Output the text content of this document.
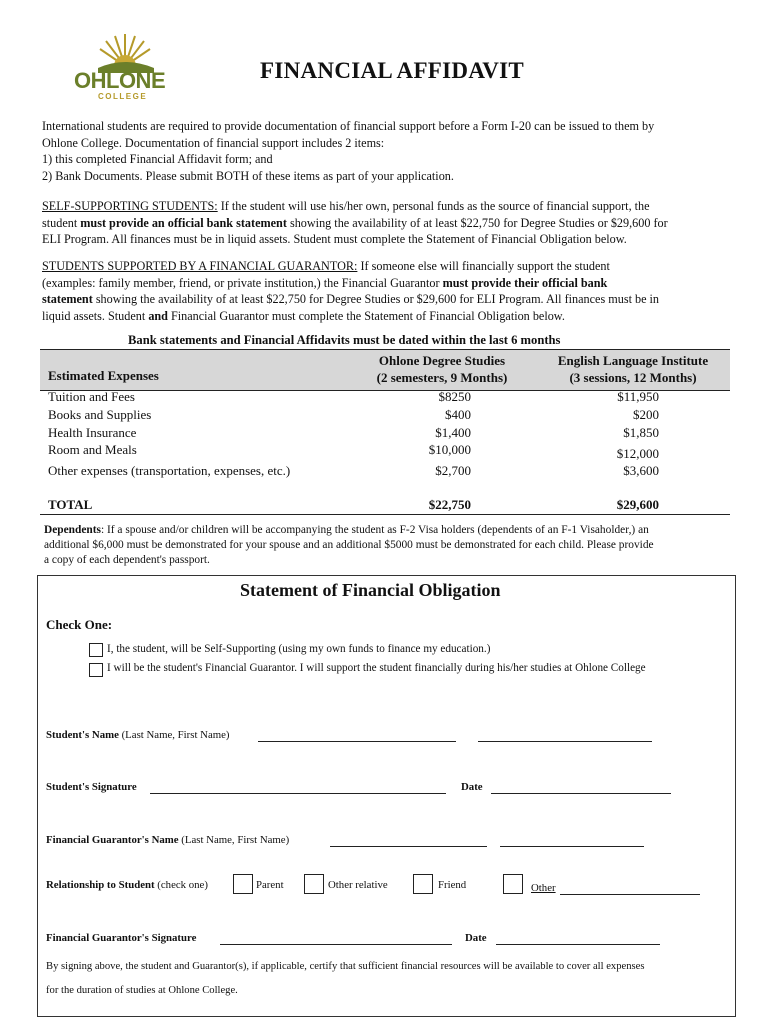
OHLONE
COLLEGE
FINANCIAL AFFIDAVIT

International students are required to provide documentation of financial support before a Form I-20 can be issued to them by

Ohlone College. Documentation of financial support includes 2 items:

1) this completed Financial Affidavit form; and

2) Bank Documents. Please submit BOTH of these items as part of your application.

SELF-SUPPORTING STUDENTS: If the student will use his/her own, personal funds as the source of financial support, the

student must provide an official bank statement showing the availability of at least $22,750 for Degree Studies or $29,600 for

ELI Program. All finances must be in liquid assets. Student must complete the Statement of Financial Obligation below.

STUDENTS SUPPORTED BY A FINANCIAL GUARANTOR: If someone else will financially support the student

(examples: family member, friend, or private institution,) the Financial Guarantor must provide their official bank

statement showing the availability of at least $22,750 for Degree Studies or $29,600 for ELI Program. All finances must be in

liquid assets. Student and Financial Guarantor must complete the Statement of Financial Obligation below.

Bank statements and Financial Affidavits must be dated within the last 6 months
Estimated Expenses
Ohlone Degree Studies
(2 semesters, 9 Months)
English Language Institute
(3 sessions, 12 Months)
Tuition and Fees	$8250	$11,950
Books and Supplies	$400	$200
Health Insurance	$1,400	$1,850
Room and Meals	$10,000	$12,000
Other expenses (transportation, expenses, etc.)	$2,700	$3,600
TOTAL	$22,750	$29,600
Dependents: If a spouse and/or children will be accompanying the student as F-2 Visa holders (dependents of an F-1 Visaholder,) an
additional $6,000 must be demonstrated for your spouse and an additional $5000 must be demonstrated for each child. Please provide
a copy of each dependent's passport.
Statement of Financial Obligation
Check One:
I, the student, will be Self-Supporting (using my own funds to finance my education.)
I will be the student's Financial Guarantor. I will support the student financially during his/her studies at Ohlone College
Student's Name (Last Name, First Name)
Student's Signature	Date
Financial Guarantor's Name (Last Name, First Name)
Relationship to Student (check one)	Parent	Other relative	Friend	Other
Financial Guarantor's Signature	Date
By signing above, the student and Guarantor(s), if applicable, certify that sufficient financial resources will be available to cover all expenses
for the duration of studies at Ohlone College.
